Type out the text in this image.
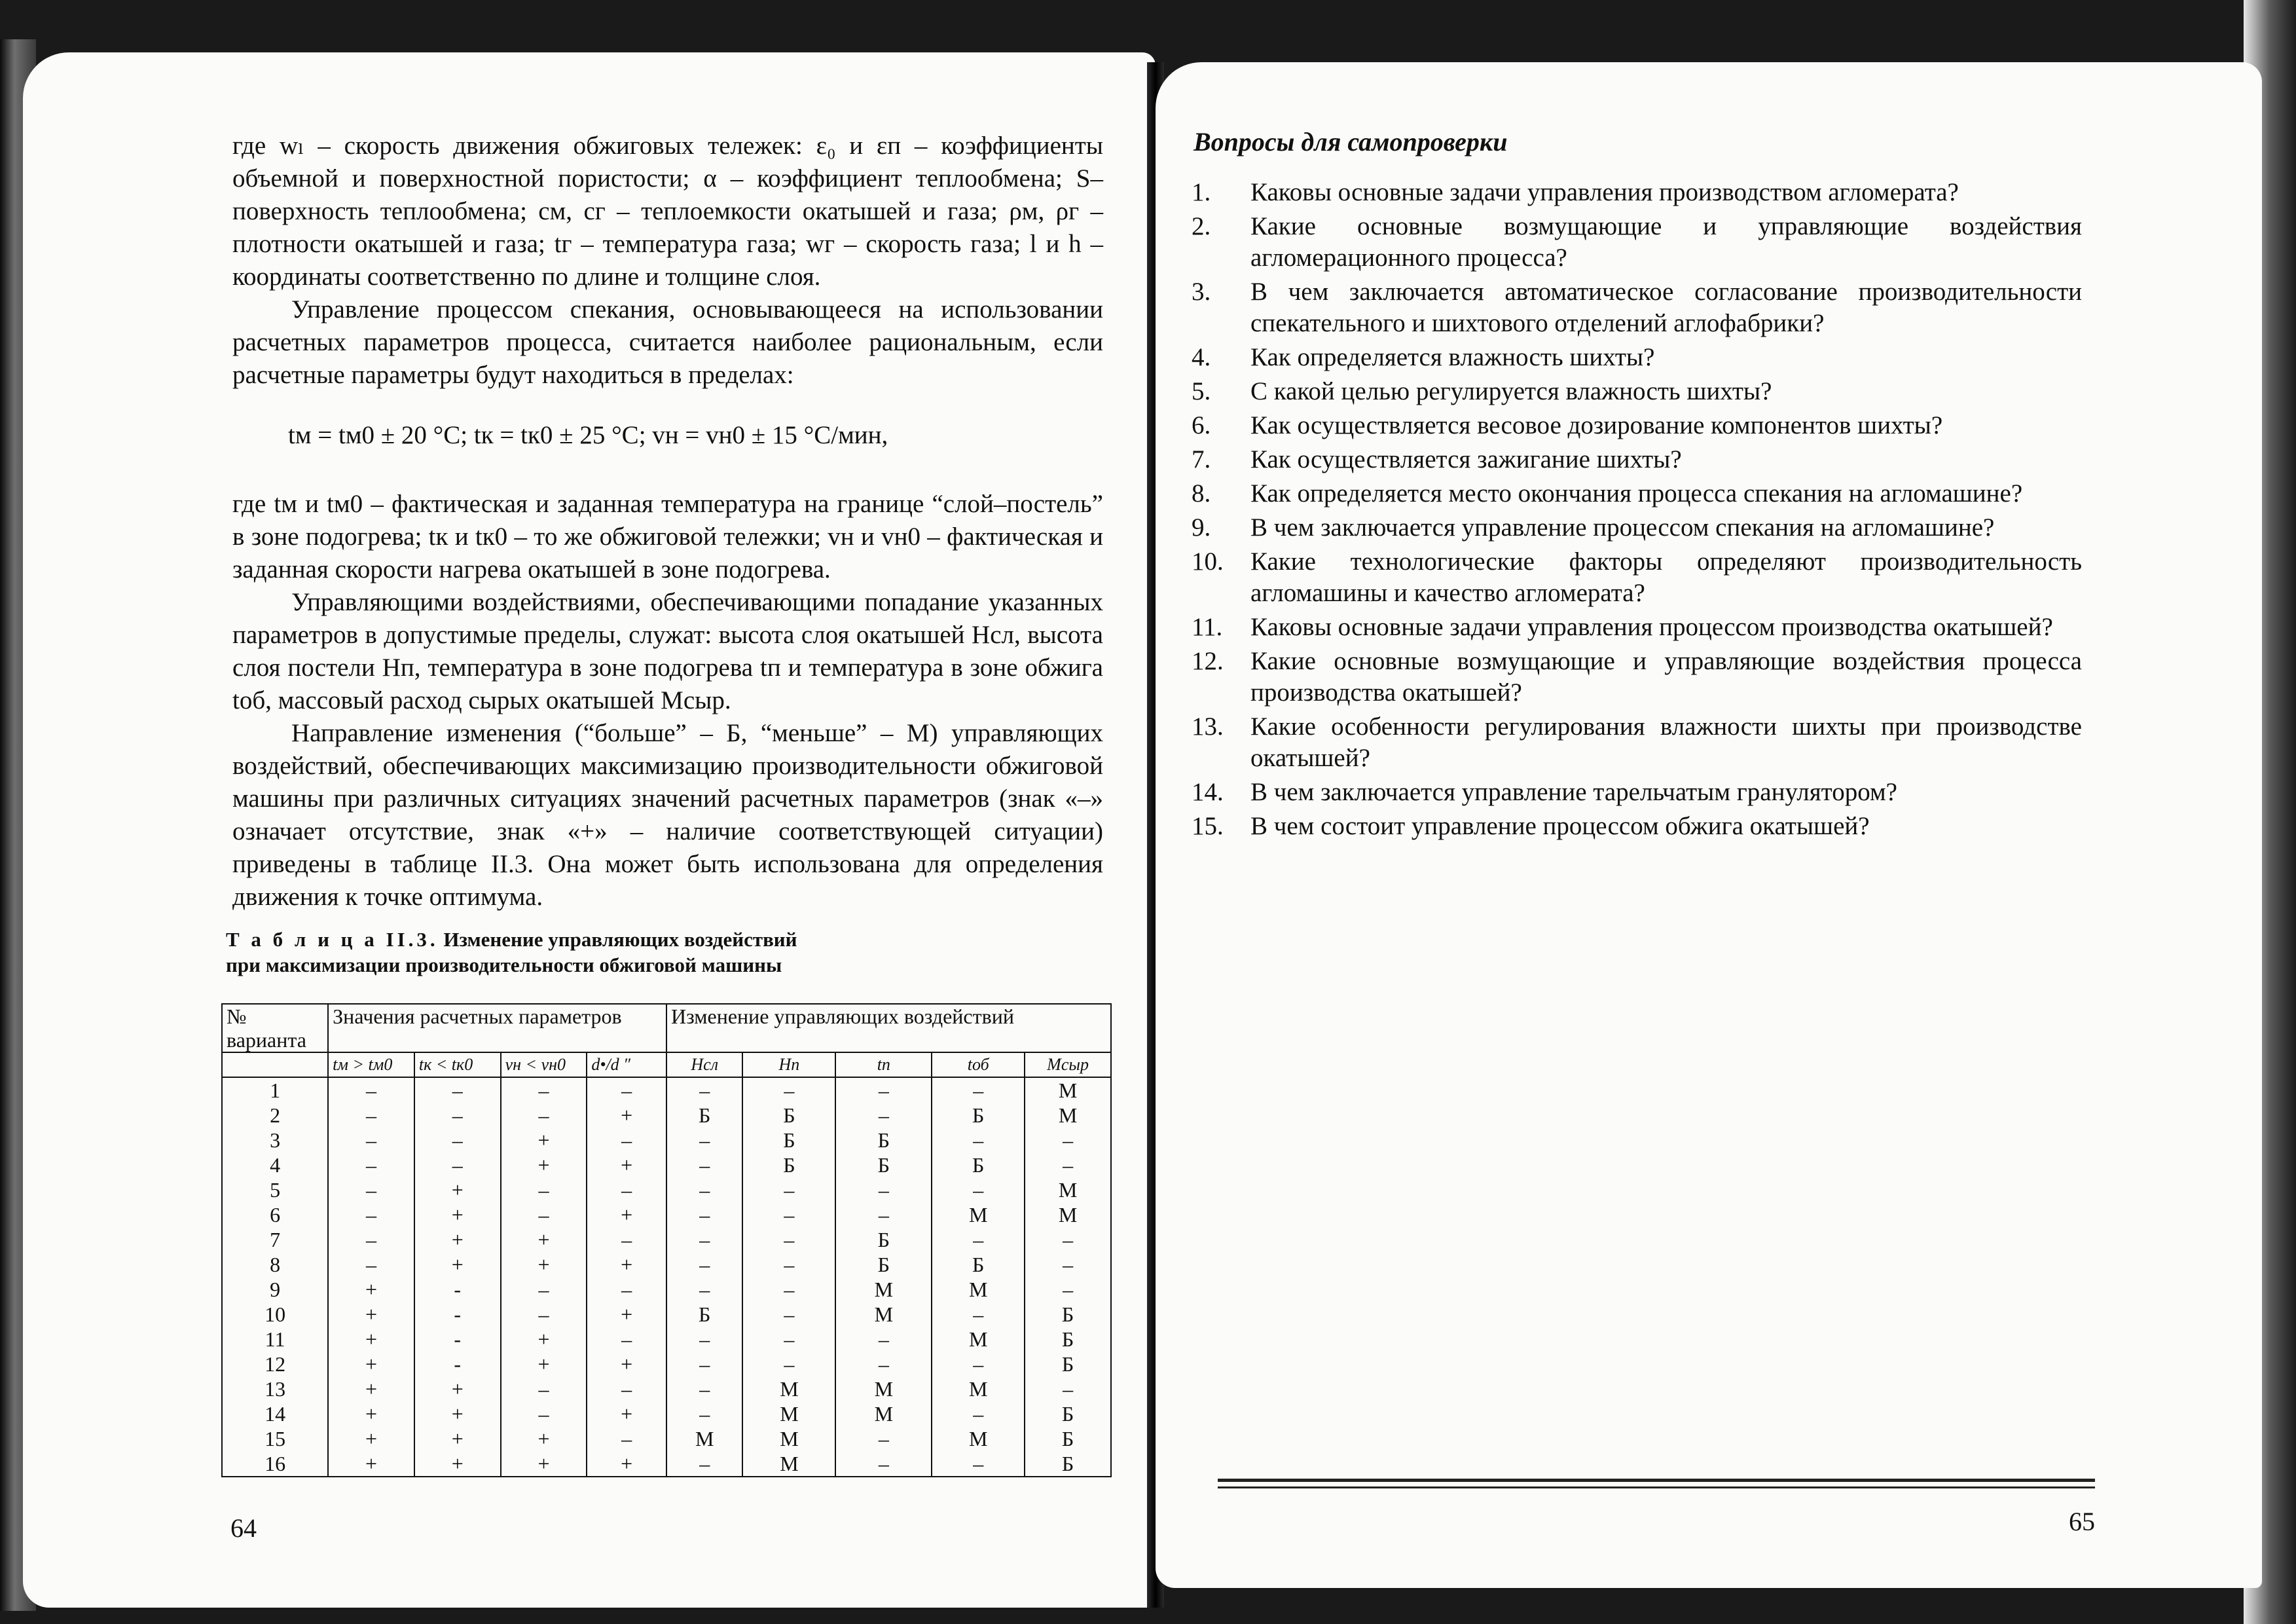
где wₗ – скорость движения обжиговых тележек: ε₀ и εп – коэффициенты объемной и поверхностной пористости; α – коэффициент теплообмена; S– поверхность теплообмена; см, сг – теплоемкости окатышей и газа; ρм, ρг – плотности окатышей и газа; tг – температура газа; wг – скорость газа; l и h – координаты соответственно по длине и толщине слоя.

Управление процессом спекания, основывающееся на использовании расчетных параметров процесса, считается наиболее рациональным, если расчетные параметры будут находиться в пределах:

tм = tм0 ± 20 °C; tк = tк0 ± 25 °C; vн = vн0 ± 15 °C/мин,

где tм и tм0 – фактическая и заданная температура на границе “слой–постель” в зоне подогрева; tк и tк0 – то же обжиговой тележки; vн и vн0 – фактическая и заданная скорости нагрева окатышей в зоне подогрева.

Управляющими воздействиями, обеспечивающими попадание указанных параметров в допустимые пределы, служат: высота слоя окатышей Hсл, высота слоя постели Hп, температура в зоне подогрева tп и температура в зоне обжига tоб, массовый расход сырых окатышей Mсыр.

Направление изменения (“больше” – Б, “меньше” – М) управляющих воздействий, обеспечивающих максимизацию производительности обжиговой машины при различных ситуациях значений расчетных параметров (знак «–» означает отсутствие, знак «+» – наличие соответствующей ситуации) приведены в таблице II.3. Она может быть использована для определения движения к точке оптимума.

Т а б л и ц а II.3. Изменение управляющих воздействий
при максимизации производительности обжиговой машины
№ варианта	Значения расчетных параметров				Изменение управляющих воздействий				
	tм > tм0	tк < tк0	vн < vн0	d•/d ″	Hсл	Hп	tп	tоб	Mсыр
1	–	–	–	–	–	–	–	–	М
2	–	–	–	+	Б	Б	–	Б	М
3	–	–	+	–	–	Б	Б	–	–
4	–	–	+	+	–	Б	Б	Б	–
5	–	+	–	–	–	–	–	–	М
6	–	+	–	+	–	–	–	М	М
7	–	+	+	–	–	–	Б	–	–
8	–	+	+	+	–	–	Б	Б	–
9	+	-	–	–	–	–	М	М	–
10	+	-	–	+	Б	–	М	–	Б
11	+	-	+	–	–	–	–	М	Б
12	+	-	+	+	–	–	–	–	Б
13	+	+	–	–	–	М	М	М	–
14	+	+	–	+	–	М	М	–	Б
15	+	+	+	–	М	М	–	М	Б
16	+	+	+	+	–	М	–	–	Б
64
Вопросы для самопроверки
1.	Каковы основные задачи управления производством агломерата?
2.	Какие основные возмущающие и управляющие воздействия агломерационного процесса?
3.	В чем заключается автоматическое согласование производительности спекательного и шихтового отделений аглофабрики?
4.	Как определяется влажность шихты?
5.	С какой целью регулируется влажность шихты?
6.	Как осуществляется весовое дозирование компонентов шихты?
7.	Как осуществляется зажигание шихты?
8.	Как определяется место окончания процесса спекания на агломашине?
9.	В чем заключается управление процессом спекания на агломашине?
10.	Какие технологические факторы определяют производительность агломашины и качество агломерата?
11.	Каковы основные задачи управления процессом производства окатышей?
12.	Какие основные возмущающие и управляющие воздействия процесса производства окатышей?
13.	Какие особенности регулирования влажности шихты при производстве окатышей?
14.	В чем заключается управление тарельчатым гранулятором?
15.	В чем состоит управление процессом обжига окатышей?
65
